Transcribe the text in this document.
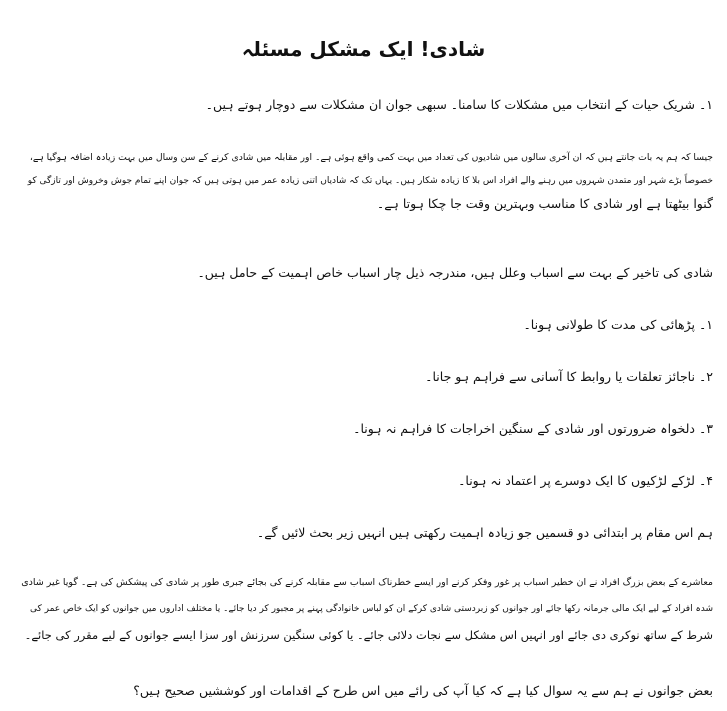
شادی! ایک مشکل مسئلہ

۱۔ شریک حیات کے انتخاب میں مشکلات کا سامنا۔ سبھی جوان ان مشکلات سے دوچار ہوتے ہیں۔

جیسا کہ ہم یہ بات جانتے ہیں کہ ان آخری سالوں میں شادیوں کی تعداد میں بہت کمی واقع ہوئی ہے۔ اور مقابلہ میں شادی کرنے کے سن وسال میں بہت زیادہ اضافہ ہوگیا ہے،
خصوصاً بڑے شہر اور متمدن شہروں میں رہنے والے افراد اس بلا کا زیادہ شکار ہیں۔ یہاں تک کہ شادیاں اتنی زیادہ عمر میں ہوتی ہیں کہ جوان اپنے تمام جوش وخروش اور تازگی کو
گنوا بیٹھتا ہے اور شادی کا مناسب وبہترین وقت جا چکا ہوتا ہے۔

شادی کی تاخیر کے بہت سے اسباب وعلل ہیں، مندرجہ ذیل چار اسباب خاص اہمیت کے حامل ہیں۔

۱۔ پڑھائی کی مدت کا طولانی ہونا۔

۲۔ ناجائز تعلقات یا روابط کا آسانی سے فراہم ہو جانا۔

۳۔ دلخواہ ضرورتوں اور شادی کے سنگین اخراجات کا فراہم نہ ہونا۔

۴۔ لڑکے لڑکیوں کا ایک دوسرے پر اعتماد نہ ہونا۔

ہم اس مقام پر ابتدائی دو قسمیں جو زیادہ اہمیت رکھتی ہیں انہیں زیر بحث لائیں گے۔

معاشرے کے بعض بزرگ افراد نے ان خطیر اسباب پر غور وفکر کرنے اور ایسے خطرناک اسباب سے مقابلہ کرنے کی بجائے جبری طور پر شادی کی پیشکش کی ہے۔ گویا غیر شادی
شدہ افراد کے لیے ایک مالی جرمانہ رکھا جائے اور جوانوں کو زبردستی شادی کرکے ان کو لباس خانوادگی پہنے پر مجبور کر دیا جائے۔ یا مختلف اداروں میں جوانوں کو ایک خاص عمر کی
شرط کے ساتھ نوکری دی جائے اور انہیں اس مشکل سے نجات دلائی جائے۔ یا کوئی سنگین سرزنش اور سزا ایسے جوانوں کے لیے مقرر کی جائے۔

بعض جوانوں نے ہم سے یہ سوال کیا ہے کہ کیا آپ کی رائے میں اس طرح کے اقدامات اور کوششیں صحیح ہیں؟
